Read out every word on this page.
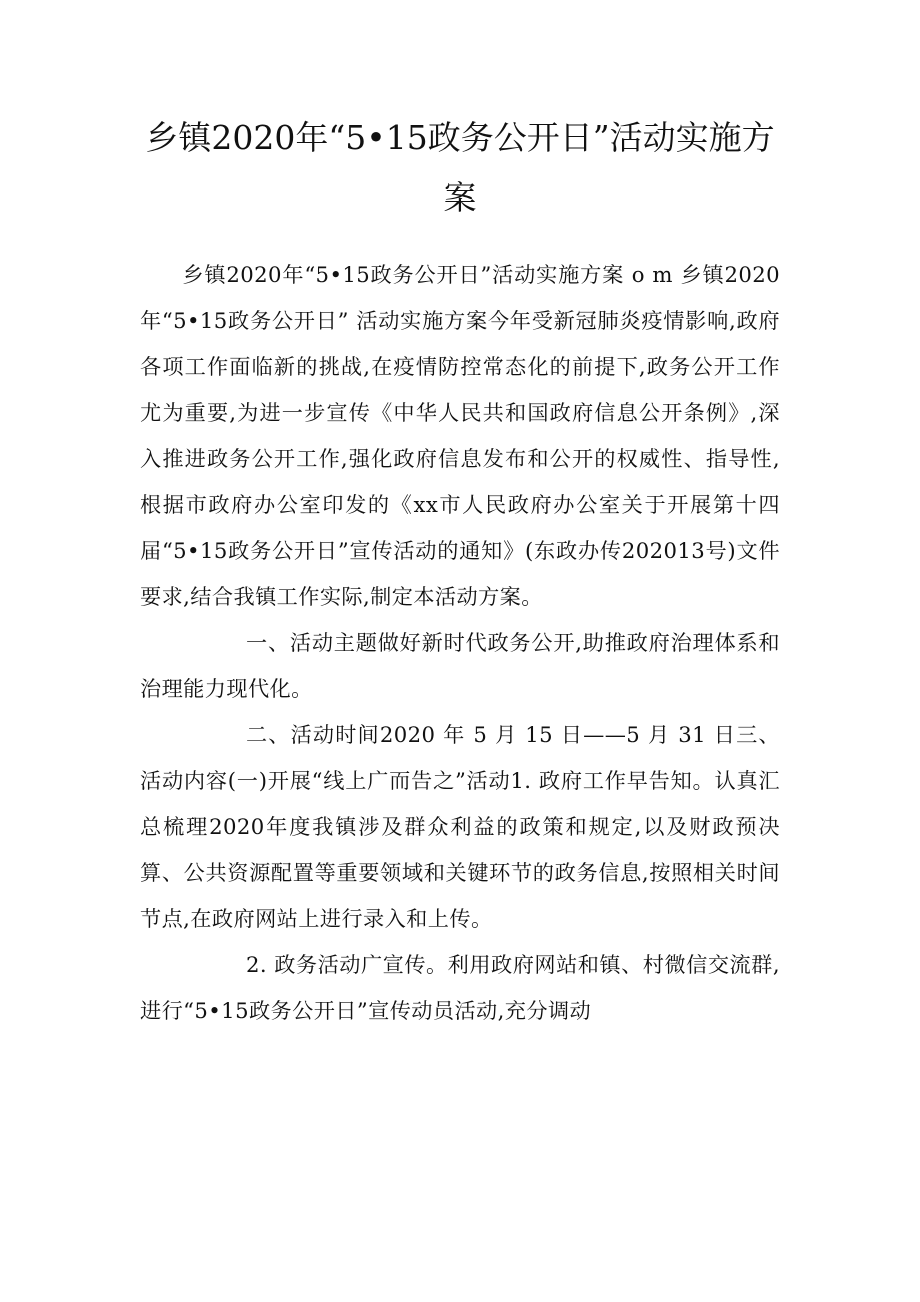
乡镇2020年“5•15政务公开日”活动实施方案

乡镇2020年“5•15政务公开日”活动实施方案 o m 乡镇2020年“5•15政务公开日” 活动实施方案今年受新冠肺炎疫情影响,政府各项工作面临新的挑战,在疫情防控常态化的前提下,政务公开工作尤为重要,为进一步宣传《中华人民共和国政府信息公开条例》,深入推进政务公开工作,强化政府信息发布和公开的权威性、指导性,根据市政府办公室印发的《xx市人民政府办公室关于开展第十四届“5•15政务公开日”宣传活动的通知》(东政办传202013号)文件要求,结合我镇工作实际,制定本活动方案。

一、活动主题做好新时代政务公开,助推政府治理体系和治理能力现代化。

二、活动时间2020 年 5 月 15 日——5 月 31 日三、活动内容(一)开展“线上广而告之”活动1. 政府工作早告知。认真汇总梳理2020年度我镇涉及群众利益的政策和规定,以及财政预决算、公共资源配置等重要领域和关键环节的政务信息,按照相关时间节点,在政府网站上进行录入和上传。

2. 政务活动广宣传。利用政府网站和镇、村微信交流群,进行“5•15政务公开日”宣传动员活动,充分调动
